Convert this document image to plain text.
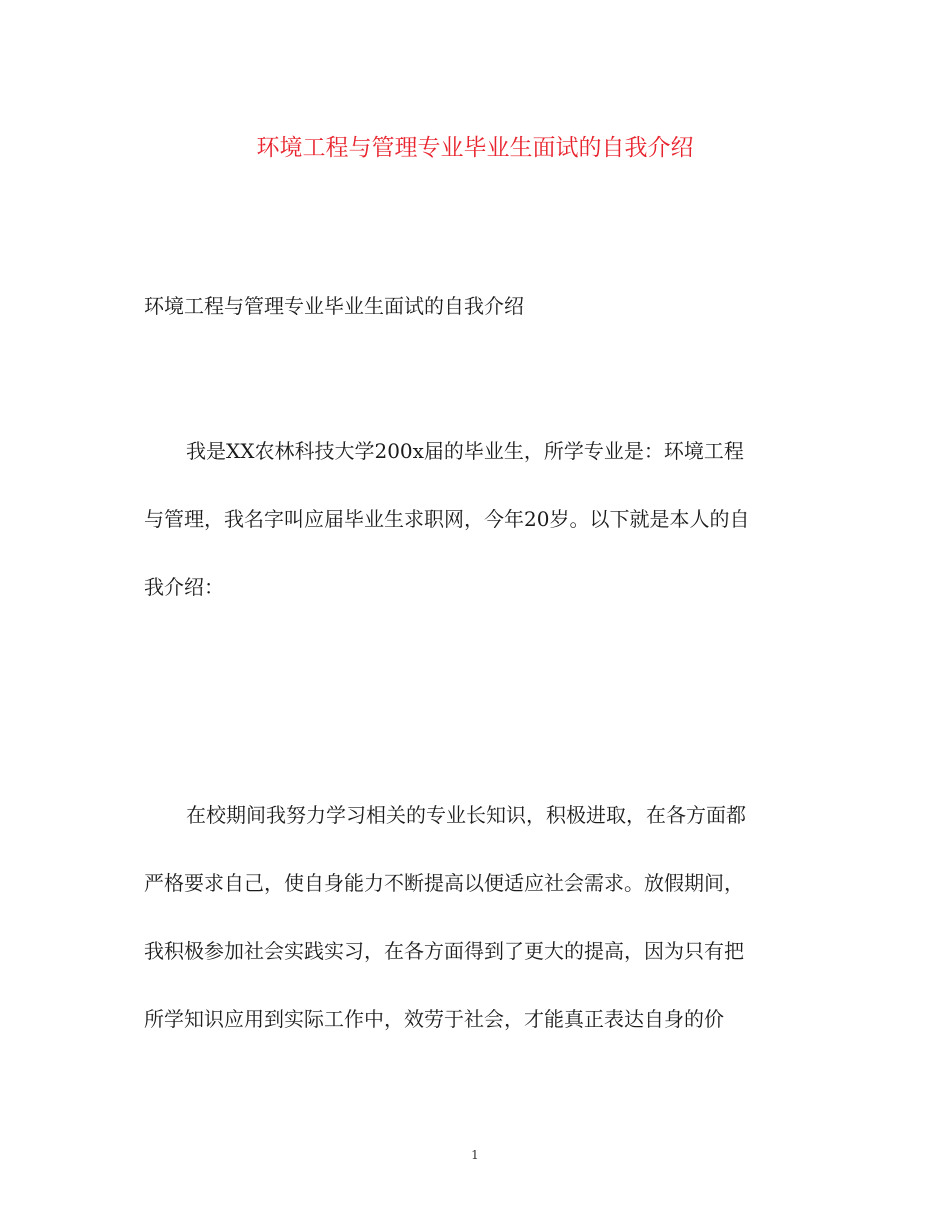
环境工程与管理专业毕业生面试的自我介绍

环境工程与管理专业毕业生面试的自我介绍

我是XX农林科技大学200x届的毕业生，所学专业是：环境工程
与管理，我名字叫应届毕业生求职网，今年20岁。以下就是本人的自
我介绍：
在校期间我努力学习相关的专业长知识，积极进取，在各方面都
严格要求自己，使自身能力不断提高以便适应社会需求。放假期间，
我积极参加社会实践实习，在各方面得到了更大的提高，因为只有把
所学知识应用到实际工作中，效劳于社会，才能真正表达自身的价
1
